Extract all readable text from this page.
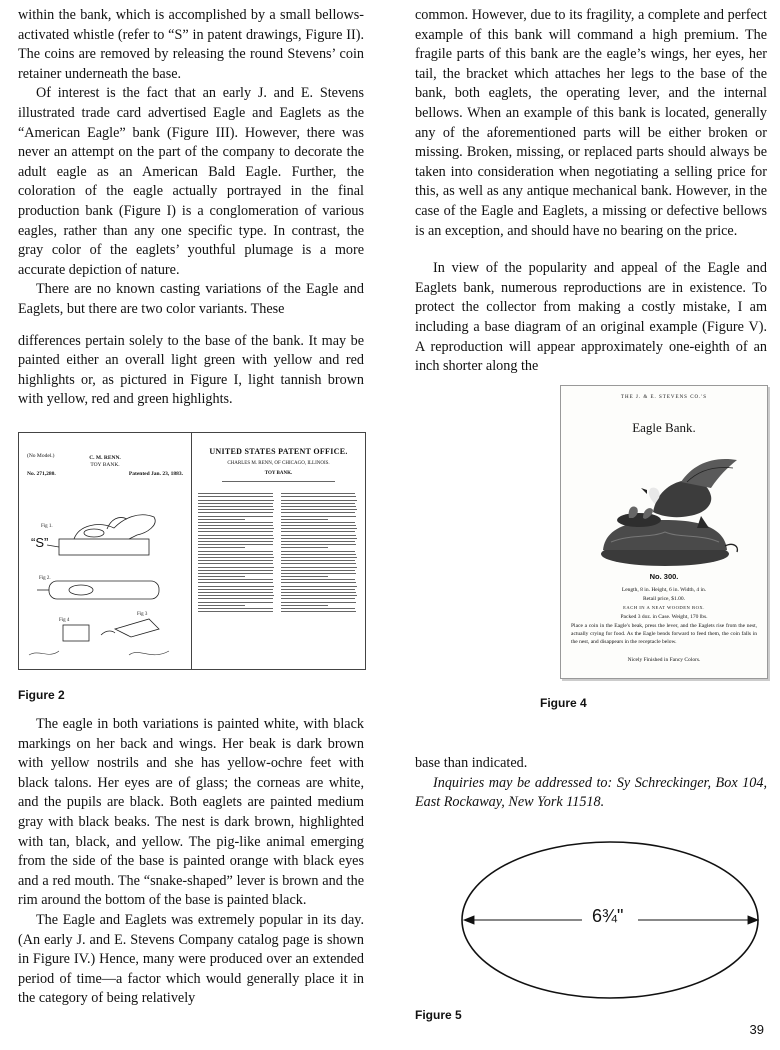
within the bank, which is accomplished by a small bellows-activated whistle (refer to “S” in patent drawings, Figure II). The coins are removed by releasing the round Stevens’ coin retainer underneath the base.

Of interest is the fact that an early J. and E. Stevens illustrated trade card advertised Eagle and Eaglets as the “American Eagle” bank (Figure III). However, there was never an attempt on the part of the company to decorate the adult eagle as an American Bald Eagle. Further, the coloration of the eagle actually portrayed in the final production bank (Figure I) is a conglomeration of various eagles, rather than any one specific type. In contrast, the gray color of the eaglets’ youthful plumage is a more accurate depiction of nature.

There are no known casting variations of the Eagle and Eaglets, but there are two color variants. These

differences pertain solely to the base of the bank. It may be painted either an overall light green with yellow and red highlights or, as pictured in Figure I, light tannish brown with yellow, red and green highlights.

common. However, due to its fragility, a complete and perfect example of this bank will command a high premium. The fragile parts of this bank are the eagle’s wings, her eyes, her tail, the bracket which attaches her legs to the base of the bank, both eaglets, the operating lever, and the internal bellows. When an example of this bank is located, generally any of the aforementioned parts will be either broken or missing. Broken, missing, or replaced parts should always be taken into consideration when negotiating a selling price for this, as well as any antique mechanical bank. However, in the case of the Eagle and Eaglets, a missing or defective bellows is an exception, and should have no bearing on the price.

In view of the popularity and appeal of the Eagle and Eaglets bank, numerous reproductions are in existence. To protect the collector from making a costly mistake, I am including a base diagram of an original example (Figure V). A reproduction will appear approximately one-eighth of an inch shorter along the

(No Model.)	C. M. RENN.
TOY BANK.
No. 271,280.	Patented Jan. 23, 1883.
“S”
Fig 1.
Fig 2.
Fig 4
Fig 3
UNITED STATES PATENT OFFICE.
CHARLES M. RENN, OF CHICAGO, ILLINOIS.
TOY BANK.
Figure 2
THE J. & E. STEVENS CO.'S
Eagle Bank.
No. 300.
Length, 8 in. Height, 6 in. Width, 4 in.
Retail price, $1.00.
EACH IN A NEAT WOODEN BOX.
Packed 3 doz. in Case. Weight, 170 lbs.
Place a coin in the Eagle's beak, press the lever, and the Eaglets rise from the nest, actually crying for food. As the Eagle bends forward to feed them, the coin falls in the nest, and disappears in the receptacle below.
Nicely Finished in Fancy Colors.
Figure 4

The eagle in both variations is painted white, with black markings on her back and wings. Her beak is dark brown with yellow nostrils and she has yellow-ochre feet with black talons. Her eyes are of glass; the corneas are white, and the pupils are black. Both eaglets are painted medium gray with black beaks. The nest is dark brown, highlighted with tan, black, and yellow. The pig-like animal emerging from the side of the base is painted orange with black eyes and a red mouth. The “snake-shaped” lever is brown and the rim around the bottom of the base is painted black.

The Eagle and Eaglets was extremely popular in its day. (An early J. and E. Stevens Company catalog page is shown in Figure IV.) Hence, many were produced over an extended period of time—a factor which would generally place it in the category of being relatively

base than indicated.

Inquiries may be addressed to: Sy Schreckinger, Box 104, East Rockaway, New York 11518.

6¾"
Figure 5
39
